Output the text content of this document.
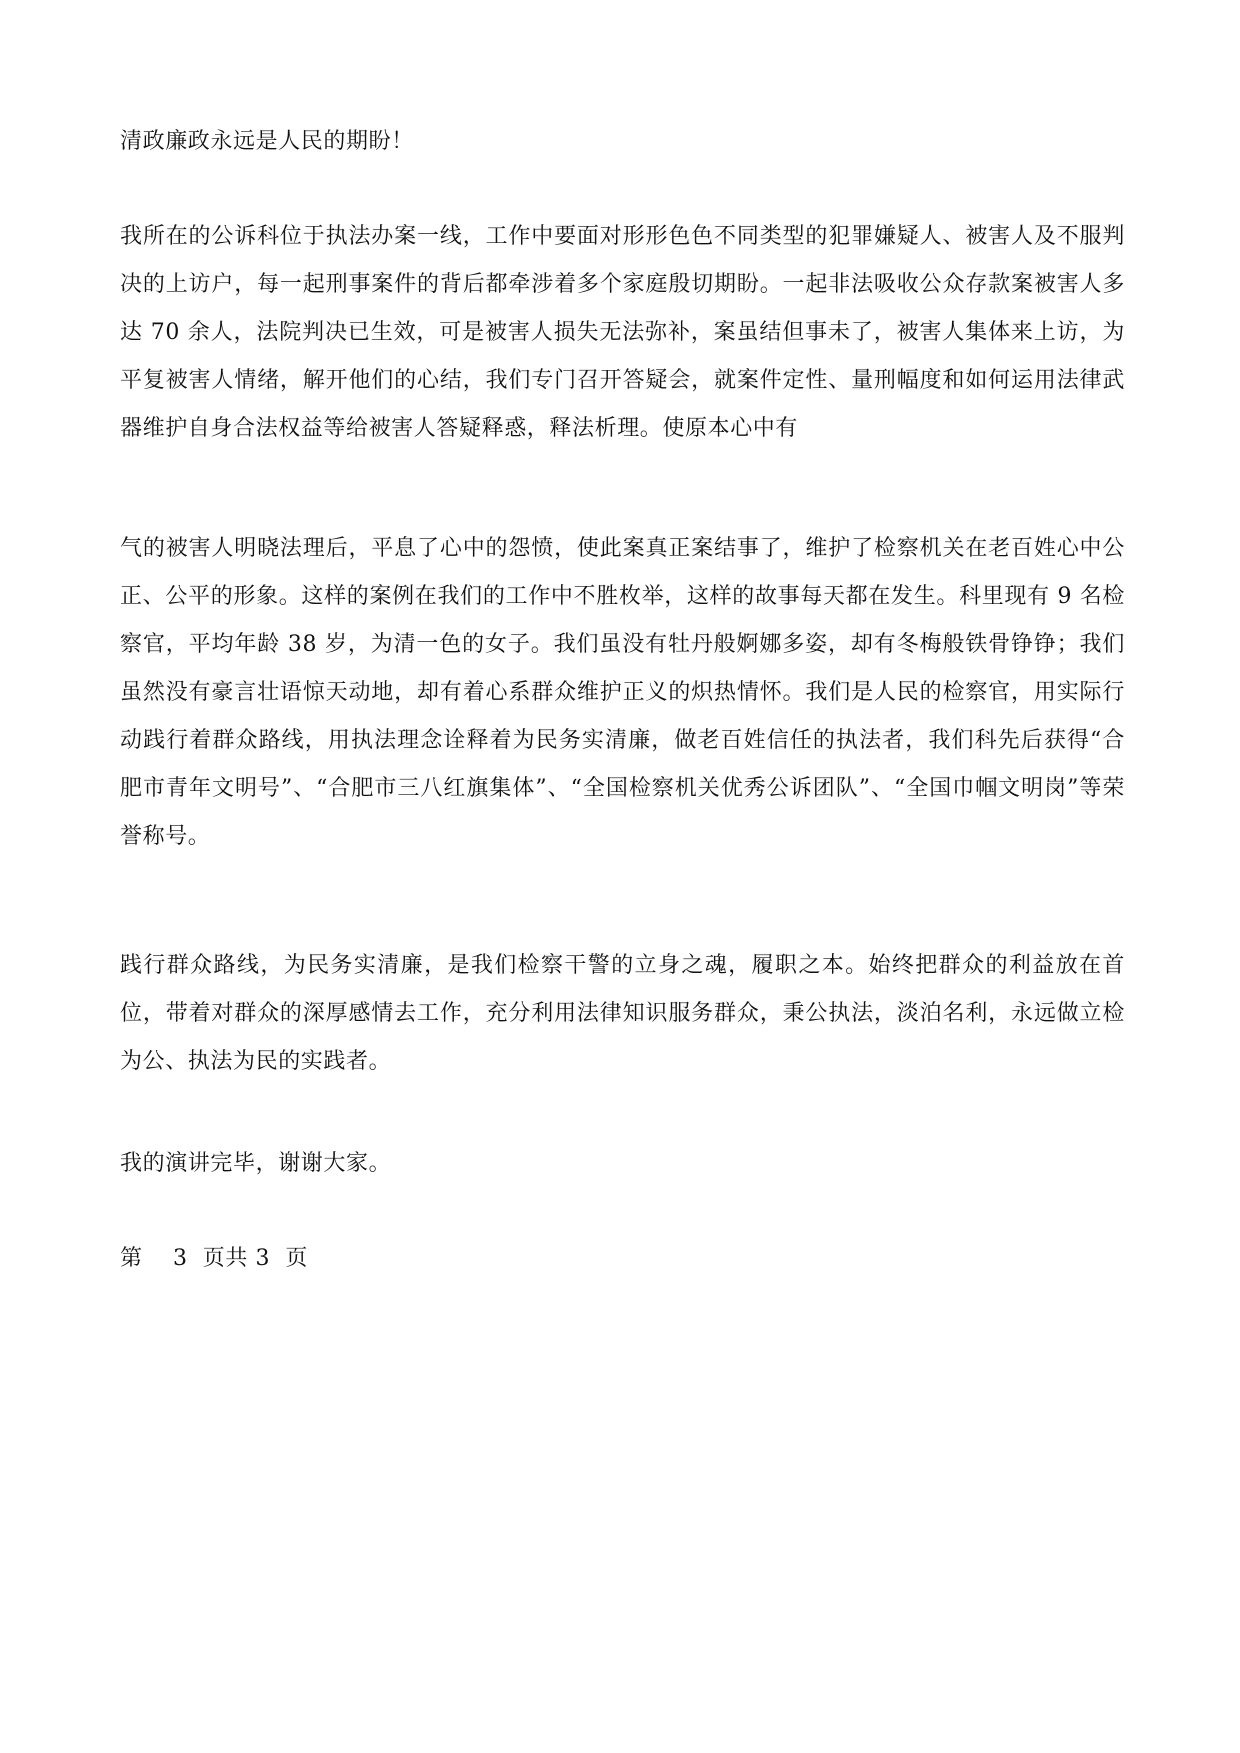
清政廉政永远是人民的期盼！

我所在的公诉科位于执法办案一线，工作中要面对形形色色不同类型的犯罪嫌疑人、被害人及不服判决的上访户，每一起刑事案件的背后都牵涉着多个家庭殷切期盼。一起非法吸收公众存款案被害人多达 70 余人，法院判决已生效，可是被害人损失无法弥补，案虽结但事未了，被害人集体来上访，为平复被害人情绪，解开他们的心结，我们专门召开答疑会，就案件定性、量刑幅度和如何运用法律武器维护自身合法权益等给被害人答疑释惑，释法析理。使原本心中有

气的被害人明晓法理后，平息了心中的怨愤，使此案真正案结事了，维护了检察机关在老百姓心中公正、公平的形象。这样的案例在我们的工作中不胜枚举，这样的故事每天都在发生。科里现有 9 名检察官，平均年龄 38 岁，为清一色的女子。我们虽没有牡丹般婀娜多姿，却有冬梅般铁骨铮铮；我们虽然没有豪言壮语惊天动地，却有着心系群众维护正义的炽热情怀。我们是人民的检察官，用实际行动践行着群众路线，用执法理念诠释着为民务实清廉，做老百姓信任的执法者，我们科先后获得“合肥市青年文明号”、“合肥市三八红旗集体”、“全国检察机关优秀公诉团队”、“全国巾帼文明岗”等荣誉称号。

践行群众路线，为民务实清廉，是我们检察干警的立身之魂，履职之本。始终把群众的利益放在首位，带着对群众的深厚感情去工作，充分利用法律知识服务群众，秉公执法，淡泊名利，永远做立检为公、执法为民的实践者。

我的演讲完毕，谢谢大家。

第    3  页共 3  页
